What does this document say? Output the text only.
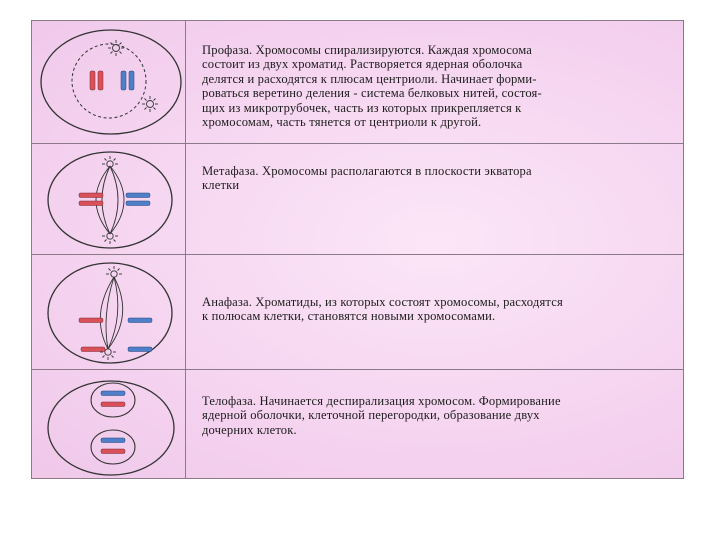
Профаза. Хромосомы спирализируются. Каждая хромосома

состоит из двух хроматид. Растворяется ядерная оболочка

делятся и расходятся к плюсам центриоли. Начинает форми-

роваться веретино деления - система белковых нитей, состоя-

щих из микротрубочек, часть из которых прикрепляется к

хромосомам, часть тянется от центриоли к другой.

Метафаза. Хромосомы располагаются в плоскости экватора

клетки

Анафаза. Хроматиды, из которых состоят хромосомы, расходятся

к полюсам клетки, становятся новыми хромосомами.

Телофаза. Начинается деспирализация хромосом. Формирование

ядерной оболочки, клеточной перегородки, образование двух

дочерних клеток.
